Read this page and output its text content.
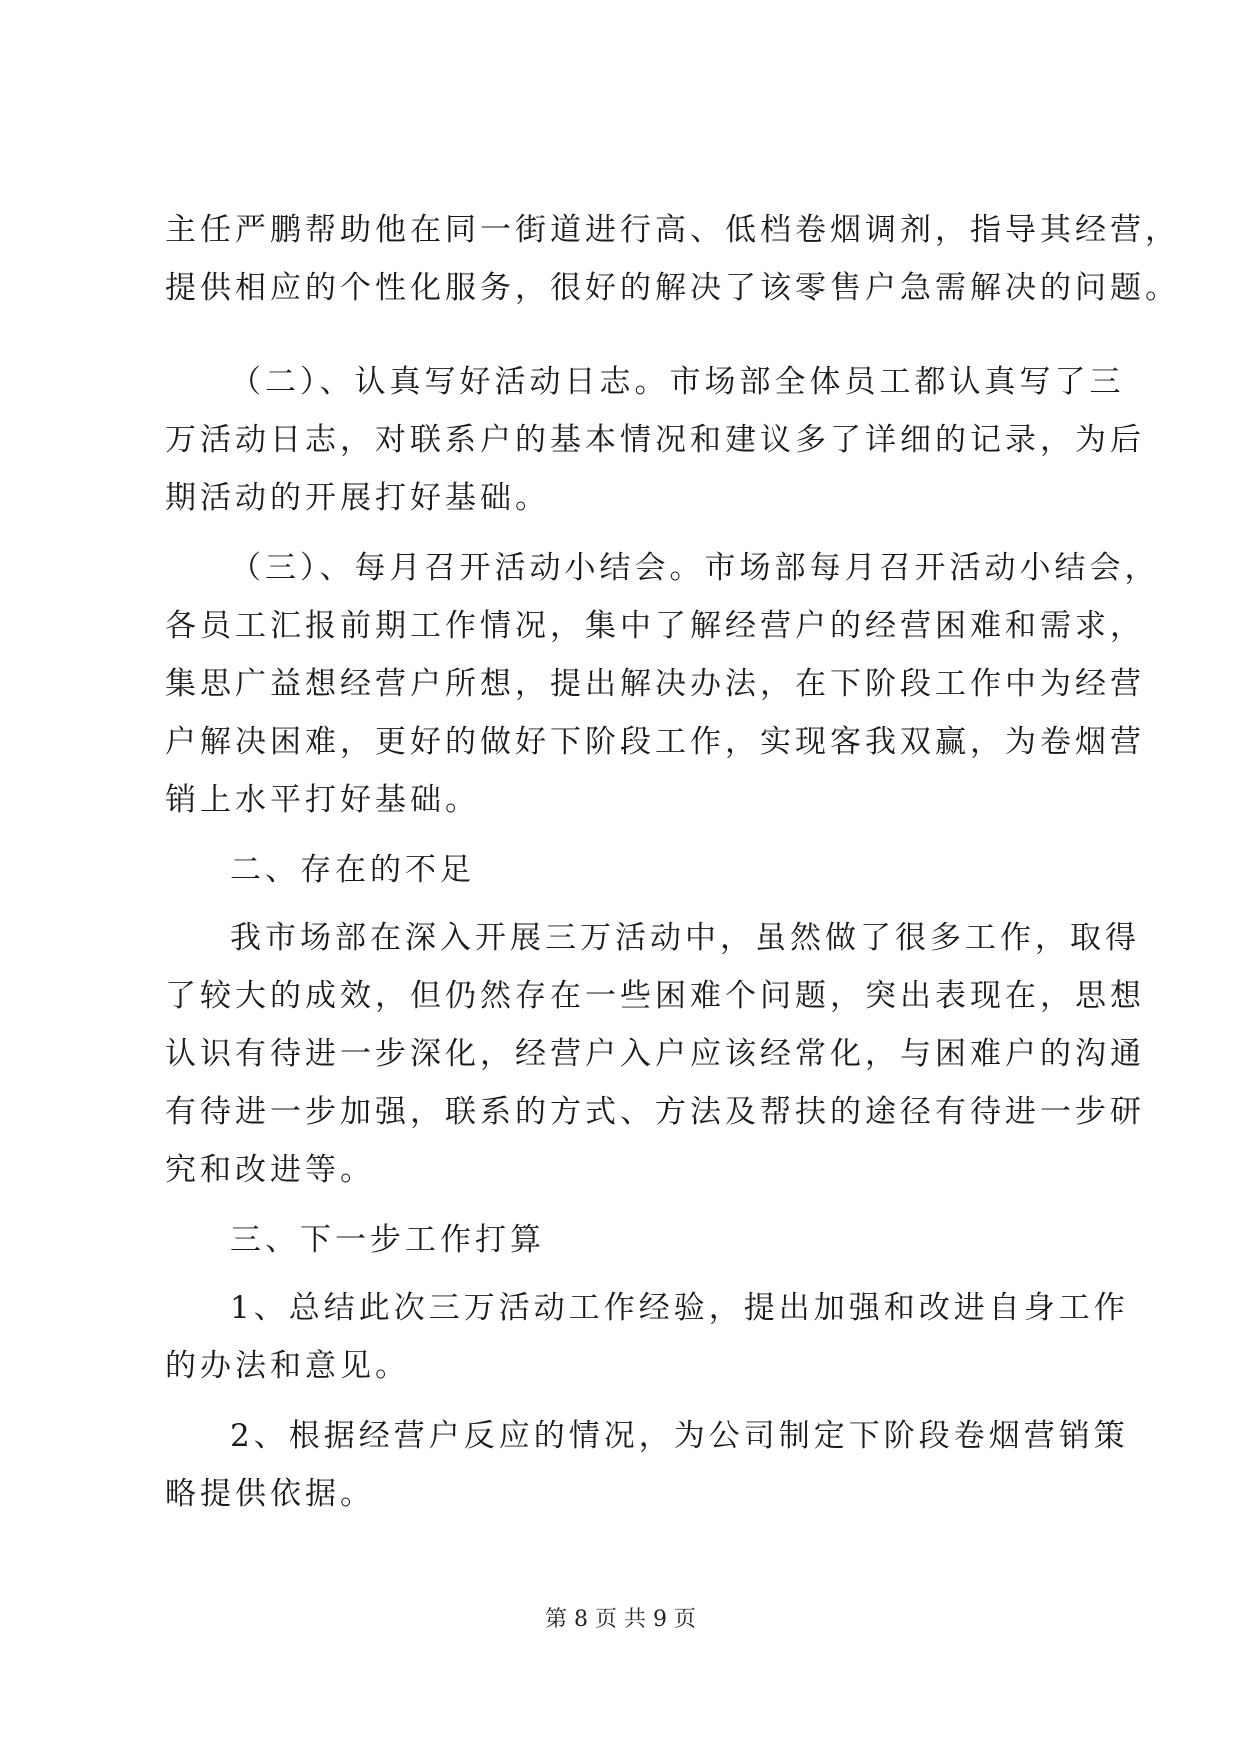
主任严鹏帮助他在同一街道进行高、低档卷烟调剂，指导其经营，
提供相应的个性化服务，很好的解决了该零售户急需解决的问题。
（二）、认真写好活动日志。市场部全体员工都认真写了三
万活动日志，对联系户的基本情况和建议多了详细的记录，为后
期活动的开展打好基础。
（三）、每月召开活动小结会。市场部每月召开活动小结会，
各员工汇报前期工作情况，集中了解经营户的经营困难和需求，
集思广益想经营户所想，提出解决办法，在下阶段工作中为经营
户解决困难，更好的做好下阶段工作，实现客我双赢，为卷烟营
销上水平打好基础。
二、存在的不足
我市场部在深入开展三万活动中，虽然做了很多工作，取得
了较大的成效，但仍然存在一些困难个问题，突出表现在，思想
认识有待进一步深化，经营户入户应该经常化，与困难户的沟通
有待进一步加强，联系的方式、方法及帮扶的途径有待进一步研
究和改进等。
三、下一步工作打算
1、总结此次三万活动工作经验，提出加强和改进自身工作
的办法和意见。
2、根据经营户反应的情况，为公司制定下阶段卷烟营销策
略提供依据。
第 8 页 共 9 页
